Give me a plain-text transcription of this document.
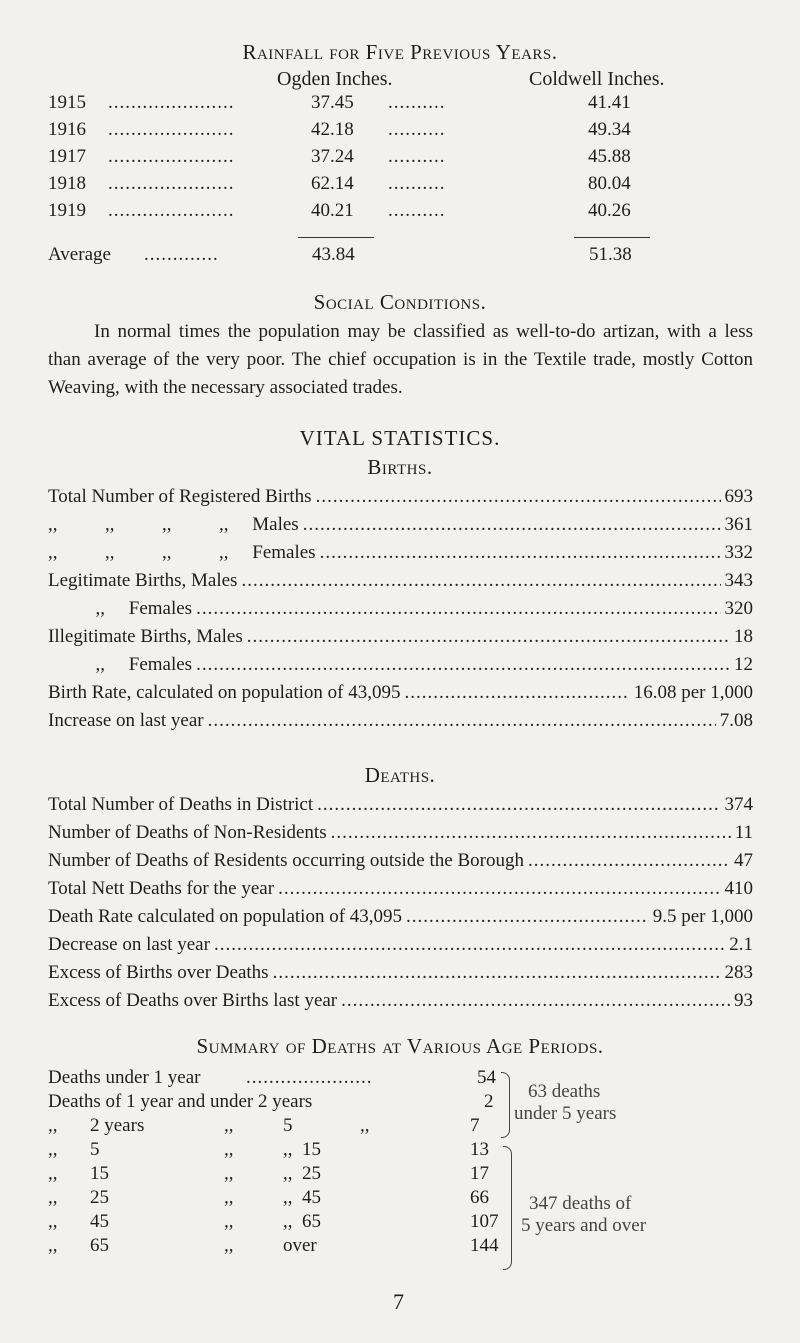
Rainfall for Five Previous Years.
Ogden Inches.	Coldwell Inches.
1915 ......................	37.45 ..........	41.41
1916 ......................	42.18 ..........	49.34
1917 ......................	37.24 ..........	45.88
1918 ......................	62.14 ..........	80.04
1919 ......................	40.21 ..........	40.26
Average .............	43.84	51.38
Social Conditions.
In normal times the population may be classified as well-to-do artizan, with a less than average of the very poor. The chief occupation is in the Textile trade, mostly Cotton Weaving, with the necessary associated trades.
VITAL STATISTICS.
Births.
Total Number of Registered Births .....	693
,,          ,,          ,,          ,,     Males .....	361
,,          ,,          ,,          ,,     Females .....	332
Legitimate Births, Males .....	343
,,     Females .....	320
Illegitimate Births, Males .....	18
,,     Females .....	12
Birth Rate, calculated on population of 43,095 .....	16.08 per 1,000
Increase on last year .....	7.08
Deaths.
Total Number of Deaths in District .....	374
Number of Deaths of Non-Residents .....	11
Number of Deaths of Residents occurring outside the Borough .....	47
Total Nett Deaths for the year .....	410
Death Rate calculated on population of 43,095 .....	9.5 per 1,000
Decrease on last year .....	2.1
Excess of Births over Deaths .....	283
Excess of Deaths over Births last year .....	93
Summary of Deaths at Various Age Periods.
Deaths under 1 year ......................	54
Deaths of 1 year and under 2 years	2
,, 2 years	,,	5	,,	7
,, 5	,,	,,  15	13
,, 15	,,	,,  25	17
,, 25	,,	,,  45	66
,, 45	,,	,,  65	107
,, 65	,,	over	144
63 deaths
under 5 years
347 deaths of
5 years and over
7
